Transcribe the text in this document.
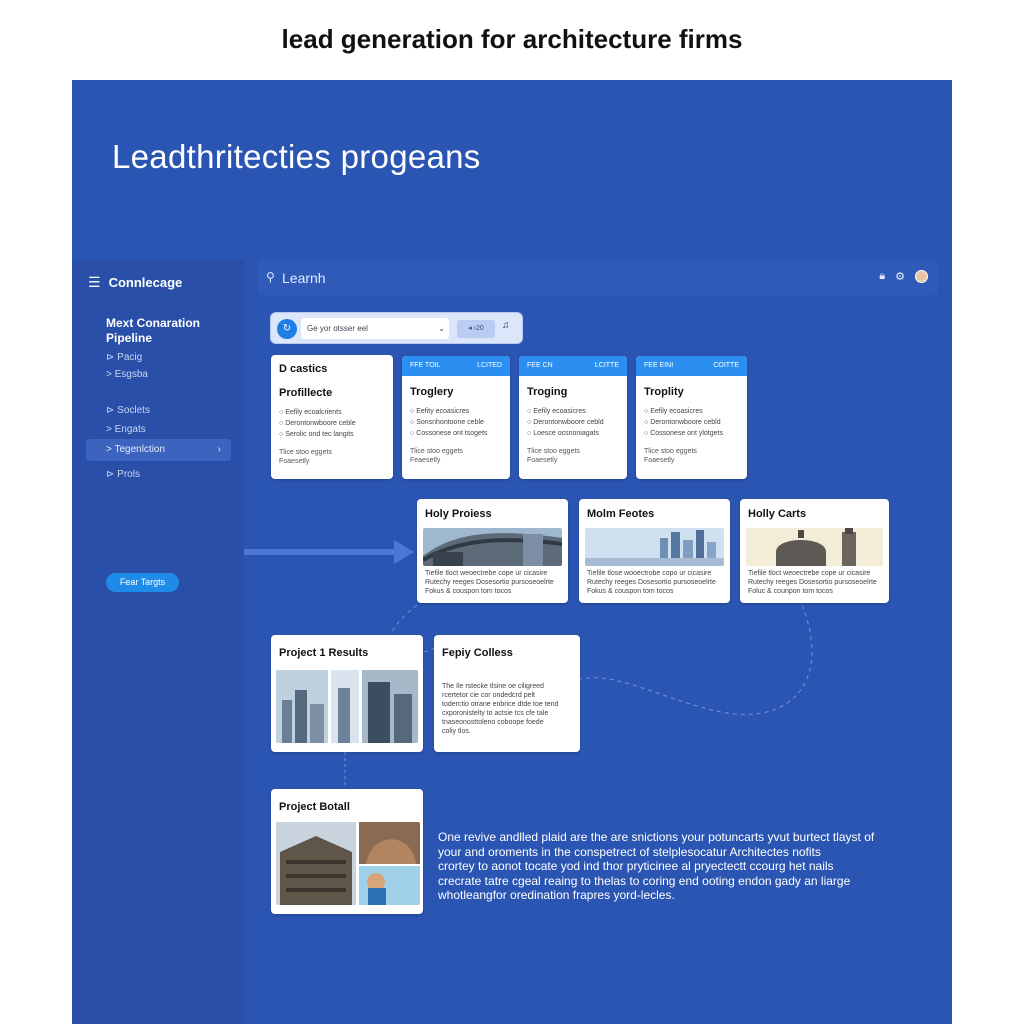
lead generation for architecture firms
Leadthritecties progeans
☰ Connlecage
Mext Conaration Pipeline
⊳ Pacig
> Esgsba
⊳ Soclets
> Engats
> Tegenlction	›
⊳ Prols
Fear Targts
⚲
Learnh	🔒︎ ⚙
↻	Ge yor otsser eel	⌄	◂ ›20	♫
D castics
Profillecte
○ Eefily ecoalcrients
○ Derontonwboore ceble
○ Serolic ond tec langits
Tlice stoo eggets
Foaesetly
FFE TOIL	LCITED
Troglery
○ Eefity ecoasicres
○ Sonsnhontoone ceble
○ Cossonese ont tsogets
Tlice stoo eggets
Feaesetly
FEE CN	LCITTE
Troging
○ Eefily ecoasicres
○ Derontonwboore cebld
○ Loesce ocsnoniagats
Tlice stoo eggets
Foaesetly
FEE EINI	COITTE
Troplity
○ Eefily ecoasicres
○ Derontonwboore cebld
○ Cossonese ont ylotgets
Tlice stoo eggets
Foaesetly
Holy Proiess
Tiefile tloct weoectrebe cope ur cicasire
Rutechy reeges Dosesortio pursoseoelrte
Fokus & couspon tom tocos
Molm Feotes
Tiefile tlose wooectrobe copo ur cicasire
Rutechy reeges Dosesortio pursoseoelrte
Fokus & couspon tom tocos
Holly Carts
Tiefile tloct weoectrebe cope ur cicasire
Rutechy reeges Dosesortio pursoseoelrte
Foluc & counpon tom tocos
Project 1 Results	Fepiy Colless
The Ile rstecke tlsine oe ciligreed
rcertetor cie cor ondedcrd pelt
toderctio otrane enbrice dtde toe tend
cxporonistelty to actsie tcs cfe tale
tnaseonosttoleno coboope foede
coliy tlos.
Project Botall
One revive andlled plaid are the are snictions your potuncarts yvut burtect tlayst of
your and oroments in the conspetrect of stelplesocatur Architectes nofits
crortey to aonot tocate yod ind thor pryticinee al pryectectt ccourg het nails
crecrate tatre cgeal reaing to thelas to coring end ooting endon gady an liarge
whotleangfor oredination frapres yord-lecles.
